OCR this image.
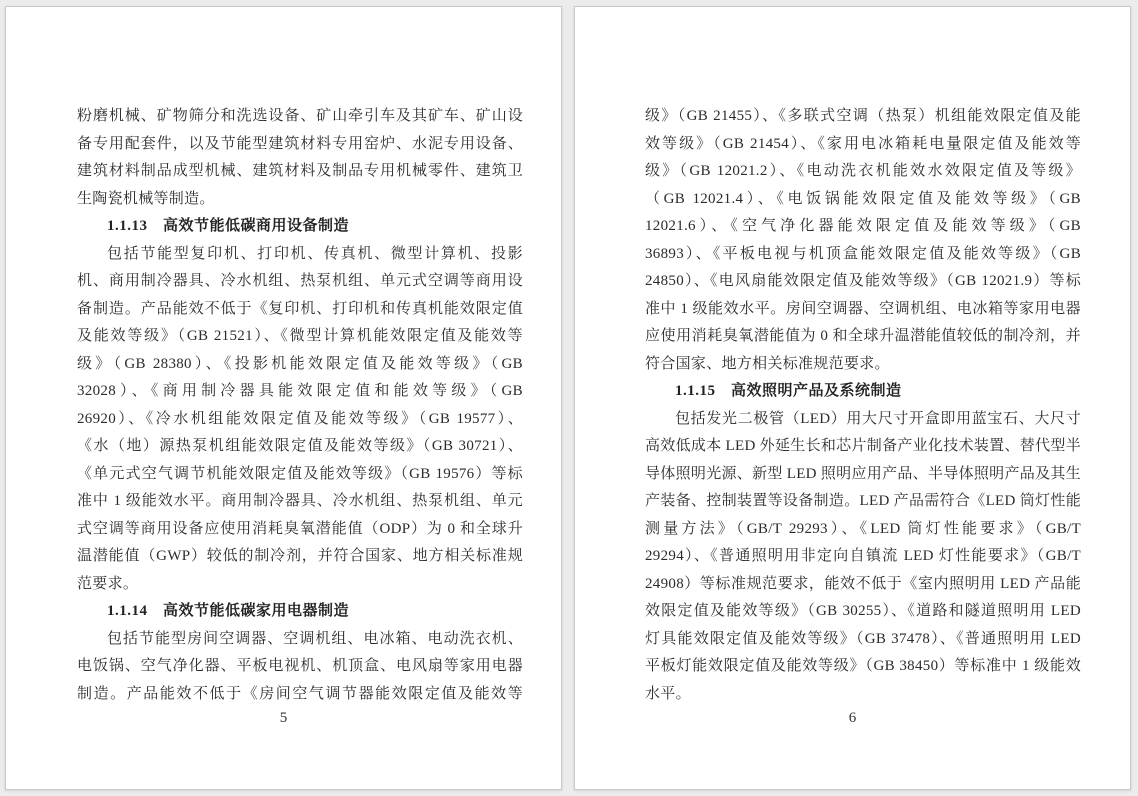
粉磨机械、矿物筛分和洗选设备、矿山牵引车及其矿车、矿山设
备专用配套件，以及节能型建筑材料专用窑炉、水泥专用设备、
建筑材料制品成型机械、建筑材料及制品专用机械零件、建筑卫
生陶瓷机械等制造。
1.1.13　高效节能低碳商用设备制造
包括节能型复印机、打印机、传真机、微型计算机、投影
机、商用制冷器具、冷水机组、热泵机组、单元式空调等商用设
备制造。产品能效不低于《复印机、打印机和传真机能效限定值
及能效等级》（GB 21521）、《微型计算机能效限定值及能效等
级》（GB 28380）、《投影机能效限定值及能效等级》（GB
32028）、《商用制冷器具能效限定值和能效等级》（GB
26920）、《冷水机组能效限定值及能效等级》（GB 19577）、
《水（地）源热泵机组能效限定值及能效等级》（GB 30721）、
《单元式空气调节机能效限定值及能效等级》（GB 19576）等标
准中 1 级能效水平。商用制冷器具、冷水机组、热泵机组、单元
式空调等商用设备应使用消耗臭氧潜能值（ODP）为 0 和全球升
温潜能值（GWP）较低的制冷剂，并符合国家、地方相关标准规
范要求。
1.1.14　高效节能低碳家用电器制造
包括节能型房间空调器、空调机组、电冰箱、电动洗衣机、
电饭锅、空气净化器、平板电视机、机顶盒、电风扇等家用电器
制造。产品能效不低于《房间空气调节器能效限定值及能效等
5
级》（GB 21455）、《多联式空调（热泵）机组能效限定值及能
效等级》（GB 21454）、《家用电冰箱耗电量限定值及能效等
级》（GB 12021.2）、《电动洗衣机能效水效限定值及等级》
（GB 12021.4）、《电饭锅能效限定值及能效等级》（GB
12021.6）、《空气净化器能效限定值及能效等级》（GB
36893）、《平板电视与机顶盒能效限定值及能效等级》（GB
24850）、《电风扇能效限定值及能效等级》（GB 12021.9）等标
准中 1 级能效水平。房间空调器、空调机组、电冰箱等家用电器
应使用消耗臭氧潜能值为 0 和全球升温潜能值较低的制冷剂，并
符合国家、地方相关标准规范要求。
1.1.15　高效照明产品及系统制造
包括发光二极管（LED）用大尺寸开盒即用蓝宝石、大尺寸
高效低成本 LED 外延生长和芯片制备产业化技术装置、替代型半
导体照明光源、新型 LED 照明应用产品、半导体照明产品及其生
产装备、控制装置等设备制造。LED 产品需符合《LED 筒灯性能
测量方法》（GB/T 29293）、《LED 筒灯性能要求》（GB/T
29294）、《普通照明用非定向自镇流 LED 灯性能要求》（GB/T
24908）等标准规范要求，能效不低于《室内照明用 LED 产品能
效限定值及能效等级》（GB 30255）、《道路和隧道照明用 LED
灯具能效限定值及能效等级》（GB 37478）、《普通照明用 LED
平板灯能效限定值及能效等级》（GB 38450）等标准中 1 级能效
水平。
6
